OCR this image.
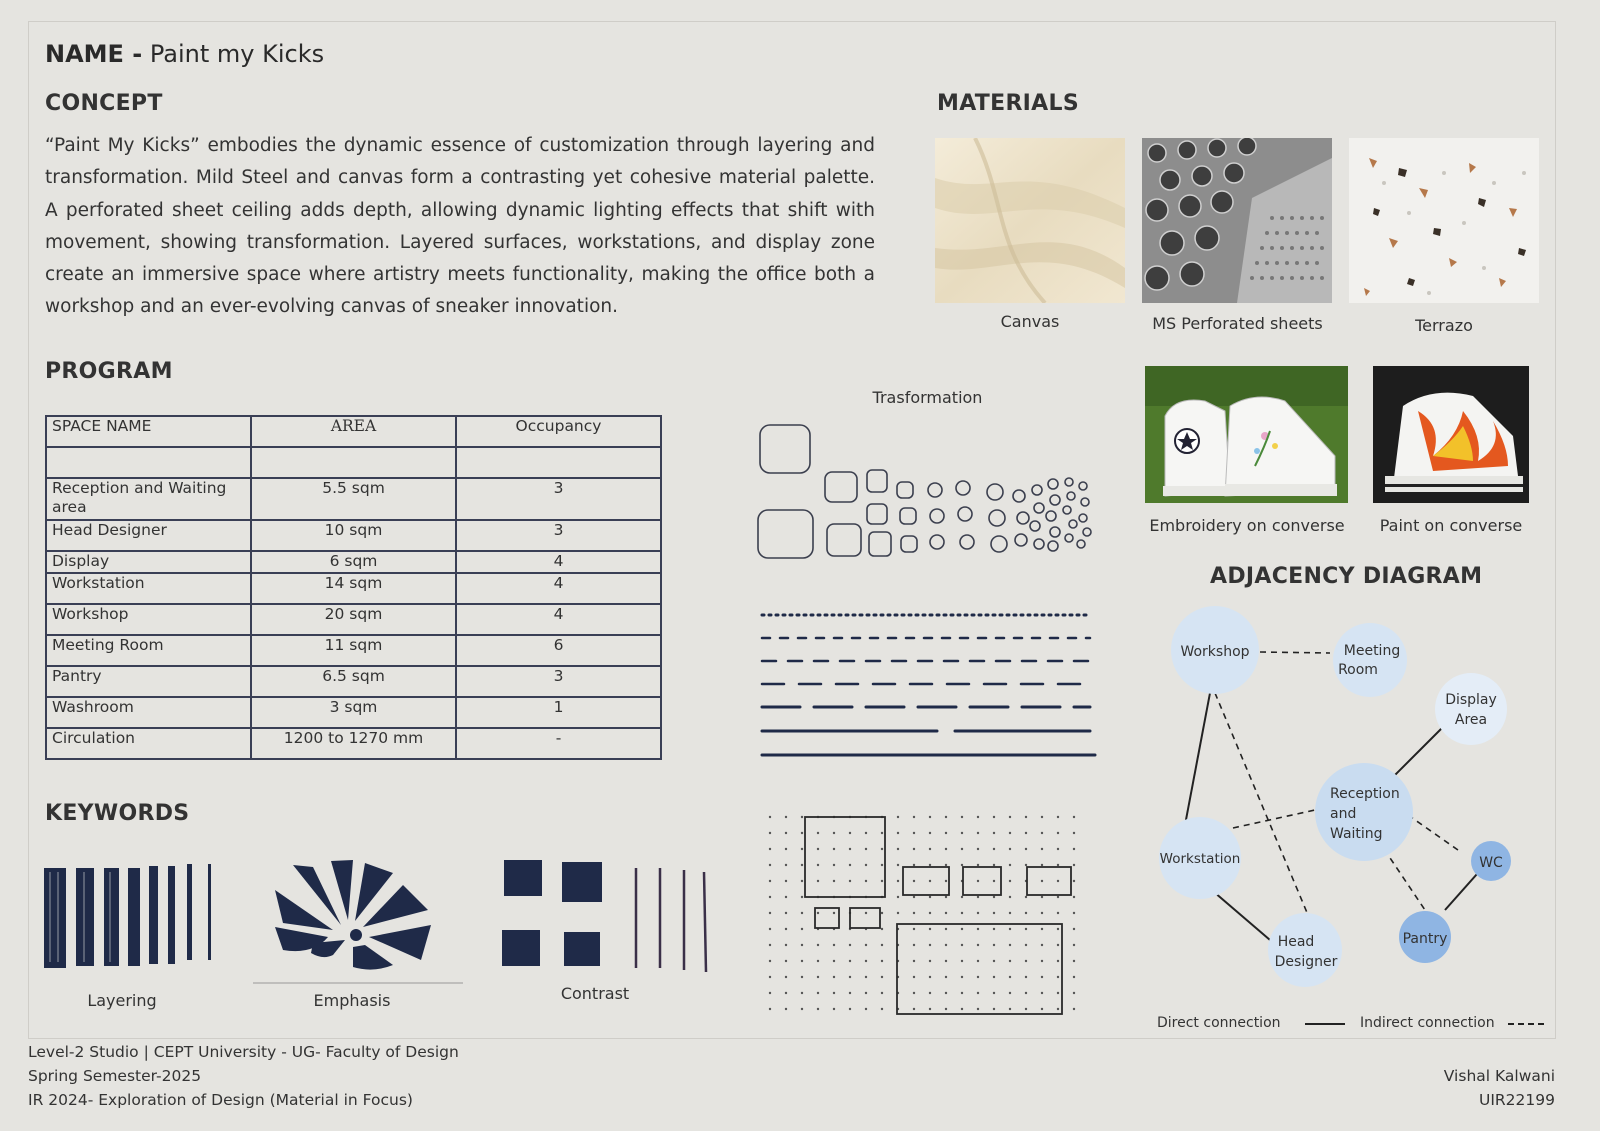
NAME - Paint my Kicks
CONCEPT
“Paint My Kicks” embodies the dynamic essence of customization through layering and transformation. Mild Steel and canvas form a contrasting yet cohesive material palette. A perforated sheet ceiling adds depth, allowing dynamic lighting effects that shift with movement, showing transformation. Layered surfaces, workstations, and display zone create an immersive space where artistry meets functionality, making the office both a workshop and an ever-evolving canvas of sneaker innovation.
MATERIALS
Canvas	MS Perforated sheets	Terrazo
Embroidery on converse	Paint on converse
PROGRAM
SPACE NAME	AREA	Occupancy

Reception and Waiting area	5.5 sqm	3
Head Designer	10 sqm	3
Display	6 sqm	4
Workstation	14 sqm	4
Workshop	20 sqm	4
Meeting Room	11 sqm	6
Pantry	6.5 sqm	3
Washroom	3 sqm	1
Circulation	1200 to 1270 mm	-
Trasformation
KEYWORDS
Layering	Emphasis	Contrast
ADJACENCY DIAGRAM
Workshop	Meeting
Room
Display
Area
Reception
and
Waiting
Workstation	WC
Head
Designer
Pantry
Direct connection	Indirect connection
Level-2 Studio | CEPT University - UG- Faculty of Design
Spring Semester-2025
IR 2024- Exploration of Design (Material in Focus)
Vishal Kalwani
UIR22199
